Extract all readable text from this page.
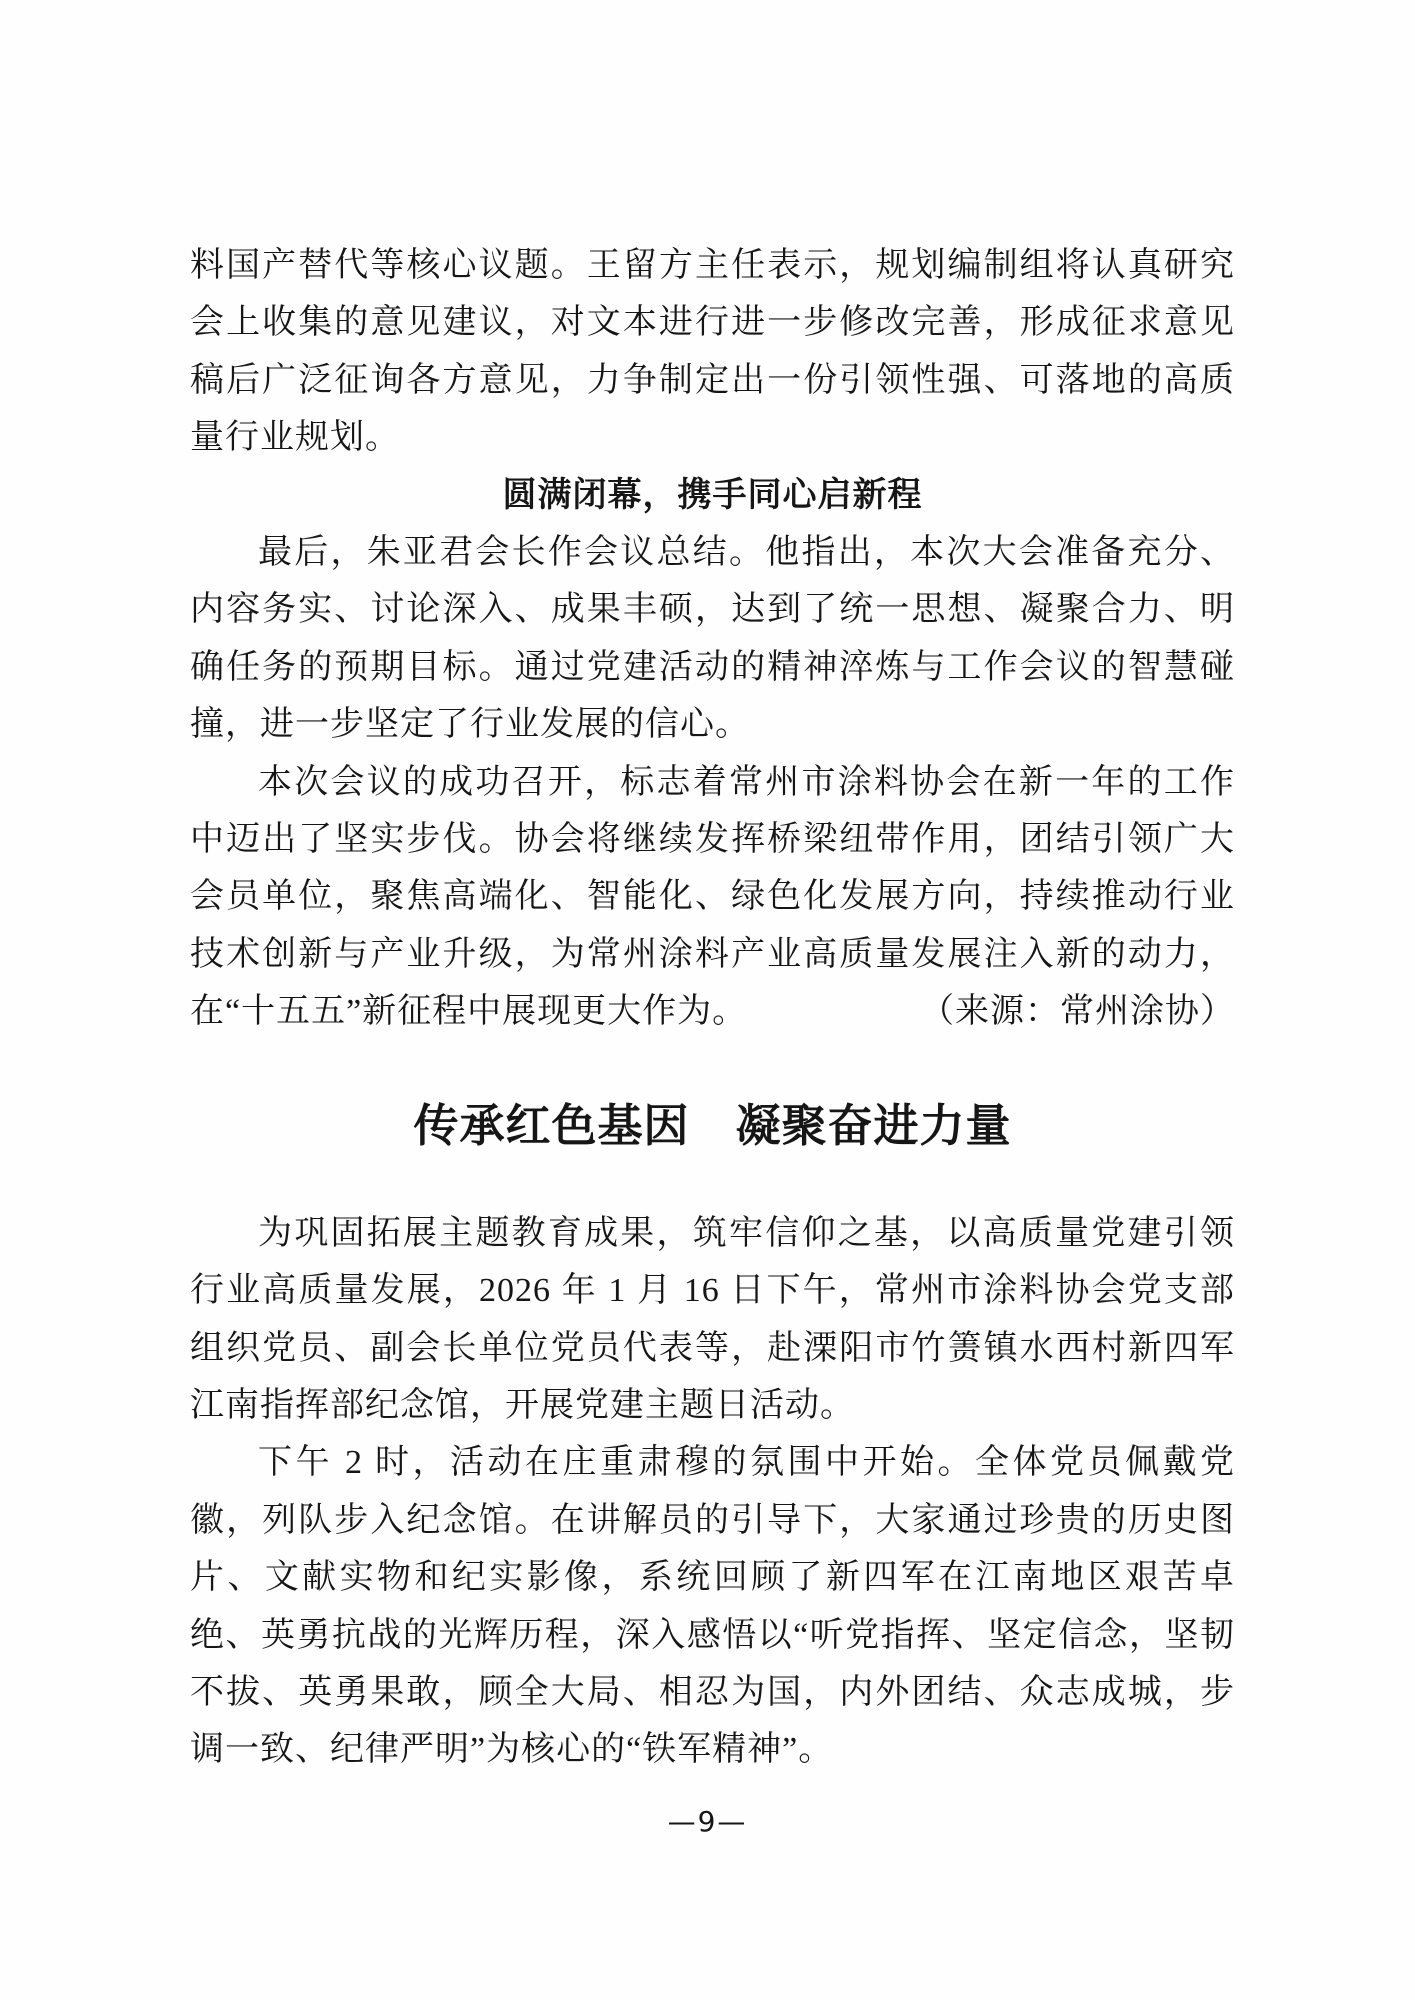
料国产替代等核心议题。王留方主任表示，规划编制组将认真研究会上收集的意见建议，对文本进行进一步修改完善，形成征求意见稿后广泛征询各方意见，力争制定出一份引领性强、可落地的高质量行业规划。

圆满闭幕，携手同心启新程

最后，朱亚君会长作会议总结。他指出，本次大会准备充分、内容务实、讨论深入、成果丰硕，达到了统一思想、凝聚合力、明确任务的预期目标。通过党建活动的精神淬炼与工作会议的智慧碰撞，进一步坚定了行业发展的信心。

本次会议的成功召开，标志着常州市涂料协会在新一年的工作中迈出了坚实步伐。协会将继续发挥桥梁纽带作用，团结引领广大会员单位，聚焦高端化、智能化、绿色化发展方向，持续推动行业技术创新与产业升级，为常州涂料产业高质量发展注入新的动力，在“十五五”新征程中展现更大作为。	（来源：常州涂协）

传承红色基因　凝聚奋进力量

为巩固拓展主题教育成果，筑牢信仰之基，以高质量党建引领行业高质量发展，2026 年 1 月 16 日下午，常州市涂料协会党支部组织党员、副会长单位党员代表等，赴溧阳市竹箦镇水西村新四军江南指挥部纪念馆，开展党建主题日活动。

下午 2 时，活动在庄重肃穆的氛围中开始。全体党员佩戴党徽，列队步入纪念馆。在讲解员的引导下，大家通过珍贵的历史图片、文献实物和纪实影像，系统回顾了新四军在江南地区艰苦卓绝、英勇抗战的光辉历程，深入感悟以“听党指挥、坚定信念，坚韧不拔、英勇果敢，顾全大局、相忍为国，内外团结、众志成城，步调一致、纪律严明”为核心的“铁军精神”。

—9—
